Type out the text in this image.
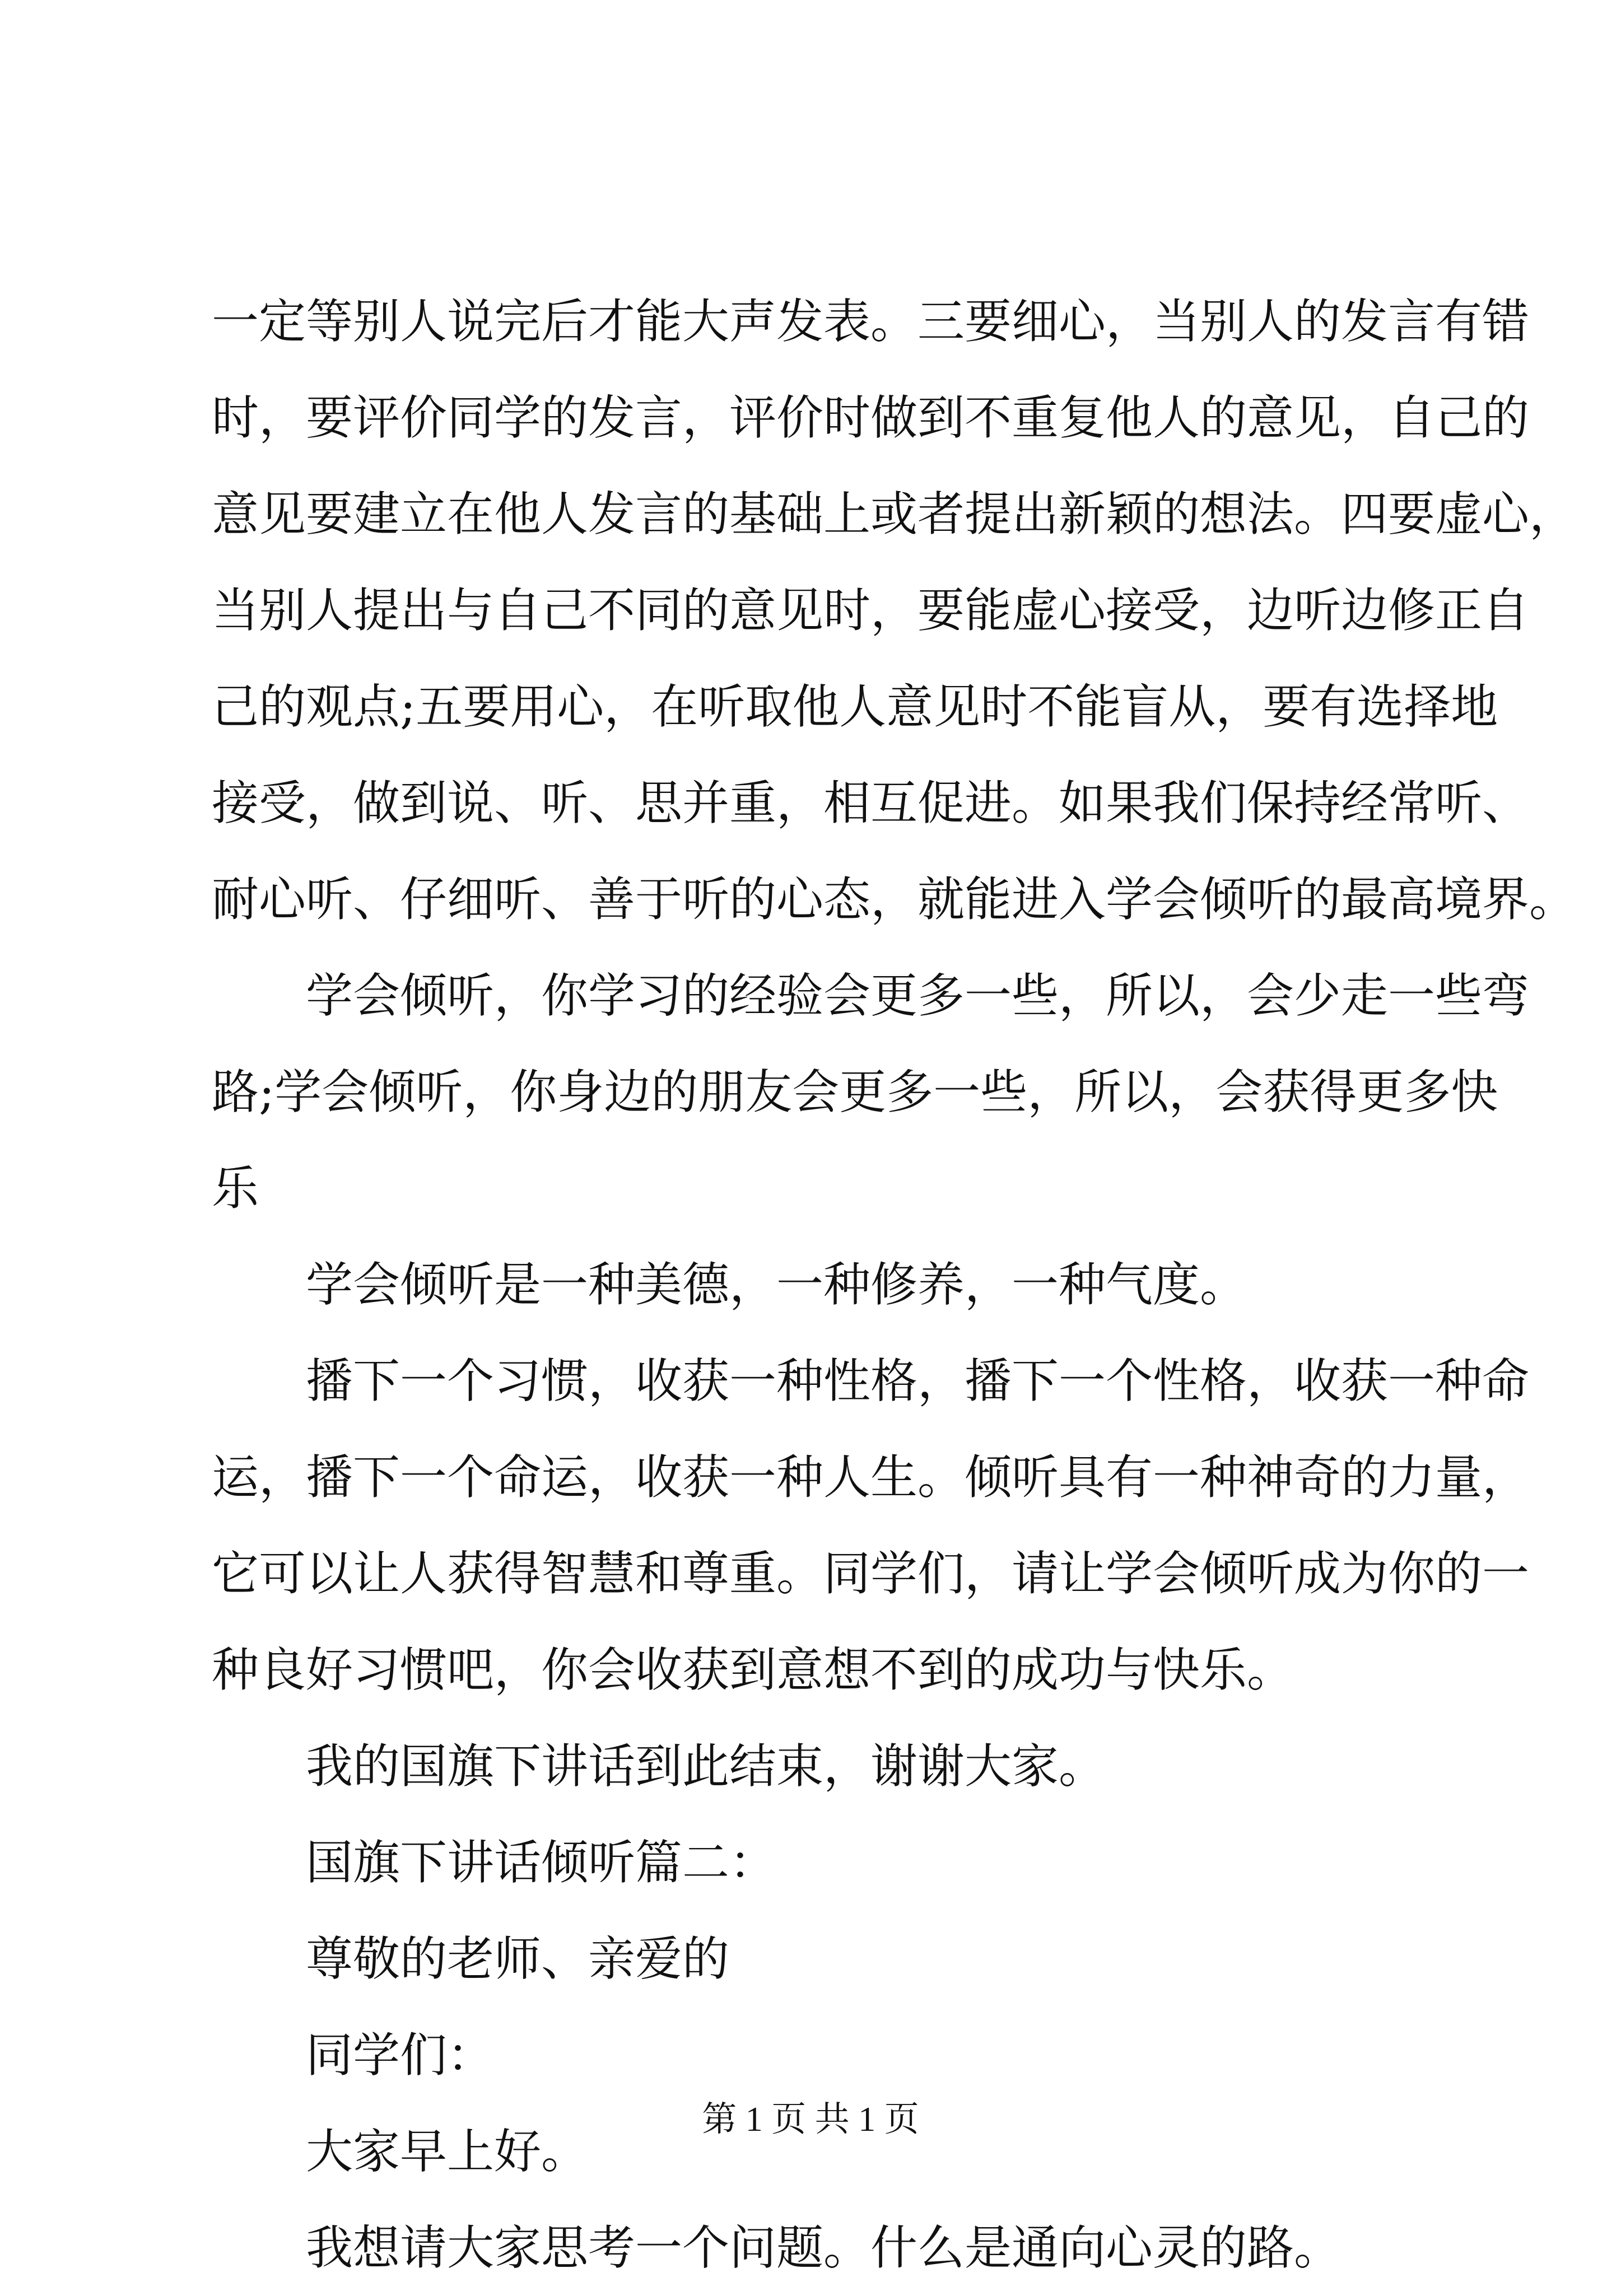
一定等别人说完后才能大声发表。三要细心，当别人的发言有错
时，要评价同学的发言，评价时做到不重复他人的意见，自己的
意见要建立在他人发言的基础上或者提出新颖的想法。四要虚心，
当别人提出与自己不同的意见时，要能虚心接受，边听边修正自
己的观点;五要用心，在听取他人意见时不能盲从，要有选择地
接受，做到说、听、思并重，相互促进。如果我们保持经常听、
耐心听、仔细听、善于听的心态，就能进入学会倾听的最高境界。
学会倾听，你学习的经验会更多一些，所以，会少走一些弯
路;学会倾听，你身边的朋友会更多一些，所以，会获得更多快
乐
学会倾听是一种美德，一种修养，一种气度。
播下一个习惯，收获一种性格，播下一个性格，收获一种命
运，播下一个命运，收获一种人生。倾听具有一种神奇的力量，
它可以让人获得智慧和尊重。同学们，请让学会倾听成为你的一
种良好习惯吧，你会收获到意想不到的成功与快乐。
我的国旗下讲话到此结束，谢谢大家。
国旗下讲话倾听篇二：
尊敬的老师、亲爱的
同学们：
大家早上好。
我想请大家思考一个问题。什么是通向心灵的路。
第 1 页 共 1 页
